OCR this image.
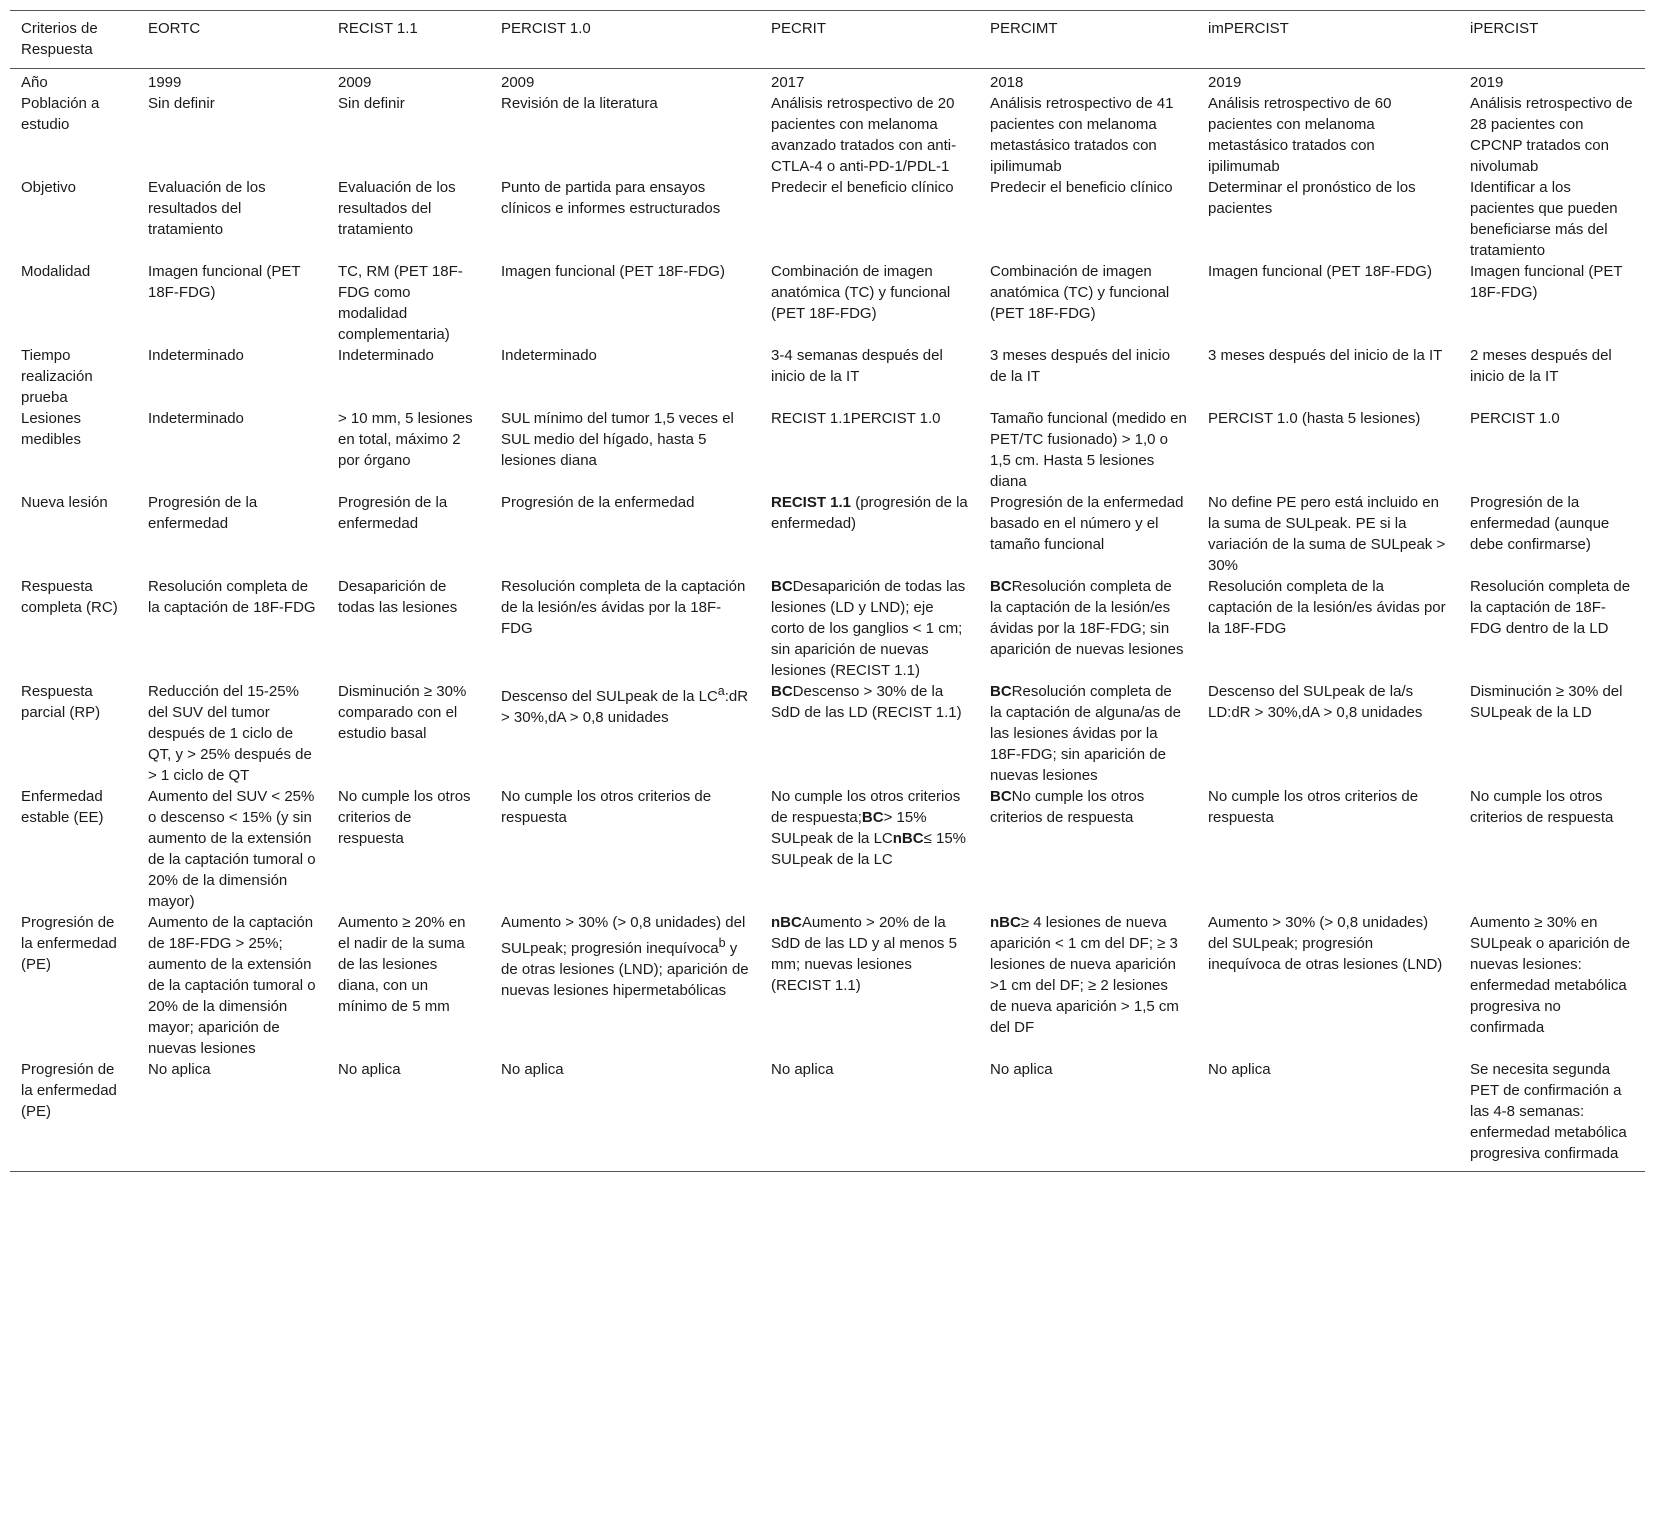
Criterios de Respuesta	EORTC	RECIST 1.1	PERCIST 1.0	PECRIT	PERCIMT	imPERCIST	iPERCIST
Año	1999	2009	2009	2017	2018	2019	2019
Población a estudio	Sin definir	Sin definir	Revisión de la literatura	Análisis retrospectivo de 20 pacientes con melanoma avanzado tratados con anti-CTLA-4 o anti-PD-1/PDL-1	Análisis retrospectivo de 41 pacientes con melanoma metastásico tratados con ipilimumab	Análisis retrospectivo de 60 pacientes con melanoma metastásico tratados con ipilimumab	Análisis retrospectivo de 28 pacientes con CPCNP tratados con nivolumab
Objetivo	Evaluación de los resultados del tratamiento	Evaluación de los resultados del tratamiento	Punto de partida para ensayos clínicos e informes estructurados	Predecir el beneficio clínico	Predecir el beneficio clínico	Determinar el pronóstico de los pacientes	Identificar a los pacientes que pueden beneficiarse más del tratamiento
Modalidad	Imagen funcional (PET 18F-FDG)	TC, RM (PET 18F-FDG como modalidad complementaria)	Imagen funcional (PET 18F-FDG)	Combinación de imagen anatómica (TC) y funcional (PET 18F-FDG)	Combinación de imagen anatómica (TC) y funcional (PET 18F-FDG)	Imagen funcional (PET 18F-FDG)	Imagen funcional (PET 18F-FDG)
Tiempo realización prueba	Indeterminado	Indeterminado	Indeterminado	3-4 semanas después del inicio de la IT	3 meses después del inicio de la IT	3 meses después del inicio de la IT	2 meses después del inicio de la IT
Lesiones medibles	Indeterminado	> 10 mm, 5 lesiones en total, máximo 2 por órgano	SUL mínimo del tumor 1,5 veces el SUL medio del hígado, hasta 5 lesiones diana	RECIST 1.1PERCIST 1.0	Tamaño funcional (medido en PET/TC fusionado) > 1,0 o 1,5 cm. Hasta 5 lesiones diana	PERCIST 1.0 (hasta 5 lesiones)	PERCIST 1.0
Nueva lesión	Progresión de la enfermedad	Progresión de la enfermedad	Progresión de la enfermedad	RECIST 1.1 (progresión de la enfermedad)	Progresión de la enfermedad basado en el número y el tamaño funcional	No define PE pero está incluido en la suma de SULpeak. PE si la variación de la suma de SULpeak > 30%	Progresión de la enfermedad (aunque debe confirmarse)
Respuesta completa (RC)	Resolución completa de la captación de 18F-FDG	Desaparición de todas las lesiones	Resolución completa de la captación de la lesión/es ávidas por la 18F-FDG	BCDesaparición de todas las lesiones (LD y LND); eje corto de los ganglios < 1 cm; sin aparición de nuevas lesiones (RECIST 1.1)	BCResolución completa de la captación de la lesión/es ávidas por la 18F-FDG; sin aparición de nuevas lesiones	Resolución completa de la captación de la lesión/es ávidas por la 18F-FDG	Resolución completa de la captación de 18F-FDG dentro de la LD
Respuesta parcial (RP)	Reducción del 15-25% del SUV del tumor después de 1 ciclo de QT, y > 25% después de > 1 ciclo de QT	Disminución ≥ 30% comparado con el estudio basal	Descenso del SULpeak de la $LC^a:dR > 30\%,dA > 0,8$ unidades	BCDescenso > 30% de la SdD de las LD (RECIST 1.1)	BCResolución completa de la captación de alguna/as de las lesiones ávidas por la 18F-FDG; sin aparición de nuevas lesiones	Descenso del SULpeak de la/s LD:dR > 30%,dA > 0,8 unidades	Disminución ≥ 30% del SULpeak de la LD
Enfermedad estable (EE)	Aumento del SUV < 25% o descenso < 15% (y sin aumento de la extensión de la captación tumoral o 20% de la dimensión mayor)	No cumple los otros criterios de respuesta	No cumple los otros criterios de respuesta	No cumple los otros criterios de respuesta;BC> 15% SULpeak de la LCnBC≤ 15% SULpeak de la LC	BCNo cumple los otros criterios de respuesta	No cumple los otros criterios de respuesta	No cumple los otros criterios de respuesta
Progresión de la enfermedad (PE)	Aumento de la captación de 18F-FDG > 25%; aumento de la extensión de la captación tumoral o 20% de la dimensión mayor; aparición de nuevas lesiones	Aumento ≥ 20% en el nadir de la suma de las lesiones diana, con un mínimo de 5 mm	Aumento > 30% (> 0,8 unidades) del SULpeak; progresión inequívoca$^b$ y de otras lesiones (LND); aparición de nuevas lesiones hipermetabólicas	nBCAumento > 20% de la SdD de las LD y al menos 5 mm; nuevas lesiones (RECIST 1.1)	nBC≥ 4 lesiones de nueva aparición < 1 cm del DF; ≥ 3 lesiones de nueva aparición >1 cm del DF; ≥ 2 lesiones de nueva aparición > 1,5 cm del DF	Aumento > 30% (> 0,8 unidades) del SULpeak; progresión inequívoca de otras lesiones (LND)	Aumento ≥ 30% en SULpeak o aparición de nuevas lesiones: enfermedad metabólica progresiva no confirmada
Progresión de la enfermedad (PE)	No aplica	No aplica	No aplica	No aplica	No aplica	No aplica	Se necesita segunda PET de confirmación a las 4-8 semanas: enfermedad metabólica progresiva confirmada
